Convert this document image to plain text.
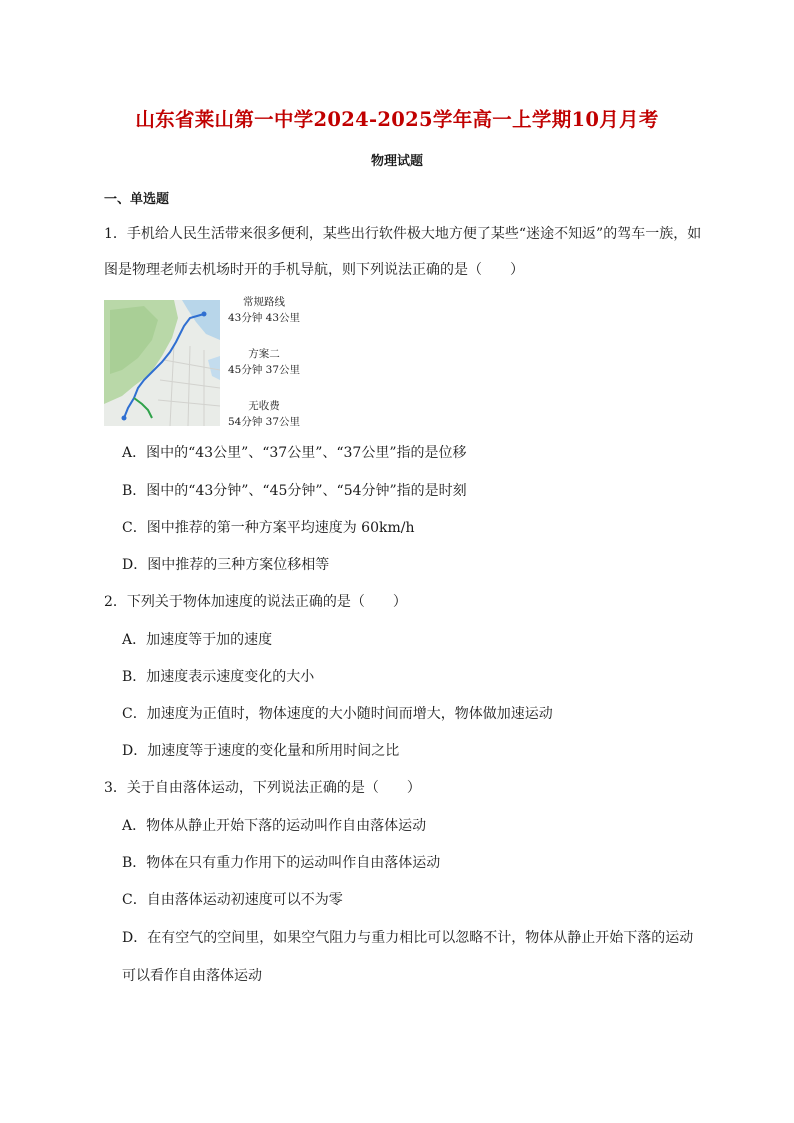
山东省莱山第一中学2024-2025学年高一上学期10月月考
物理试题
一、单选题
1．手机给人民生活带来很多便利，某些出行软件极大地方便了某些“迷途不知返”的驾车一族，如
图是物理老师去机场时开的手机导航，则下列说法正确的是（　　）
常规路线
43分钟 43公里
方案二
45分钟 37公里
无收费
54分钟 37公里
A．图中的“43公里”、“37公里”、“37公里”指的是位移
B．图中的“43分钟”、“45分钟”、“54分钟”指的是时刻
C．图中推荐的第一种方案平均速度为 60km/h
D．图中推荐的三种方案位移相等
2．下列关于物体加速度的说法正确的是（　　）
A．加速度等于加的速度
B．加速度表示速度变化的大小
C．加速度为正值时，物体速度的大小随时间而增大，物体做加速运动
D．加速度等于速度的变化量和所用时间之比
3．关于自由落体运动，下列说法正确的是（　　）
A．物体从静止开始下落的运动叫作自由落体运动
B．物体在只有重力作用下的运动叫作自由落体运动
C．自由落体运动初速度可以不为零
D．在有空气的空间里，如果空气阻力与重力相比可以忽略不计，物体从静止开始下落的运动
可以看作自由落体运动
